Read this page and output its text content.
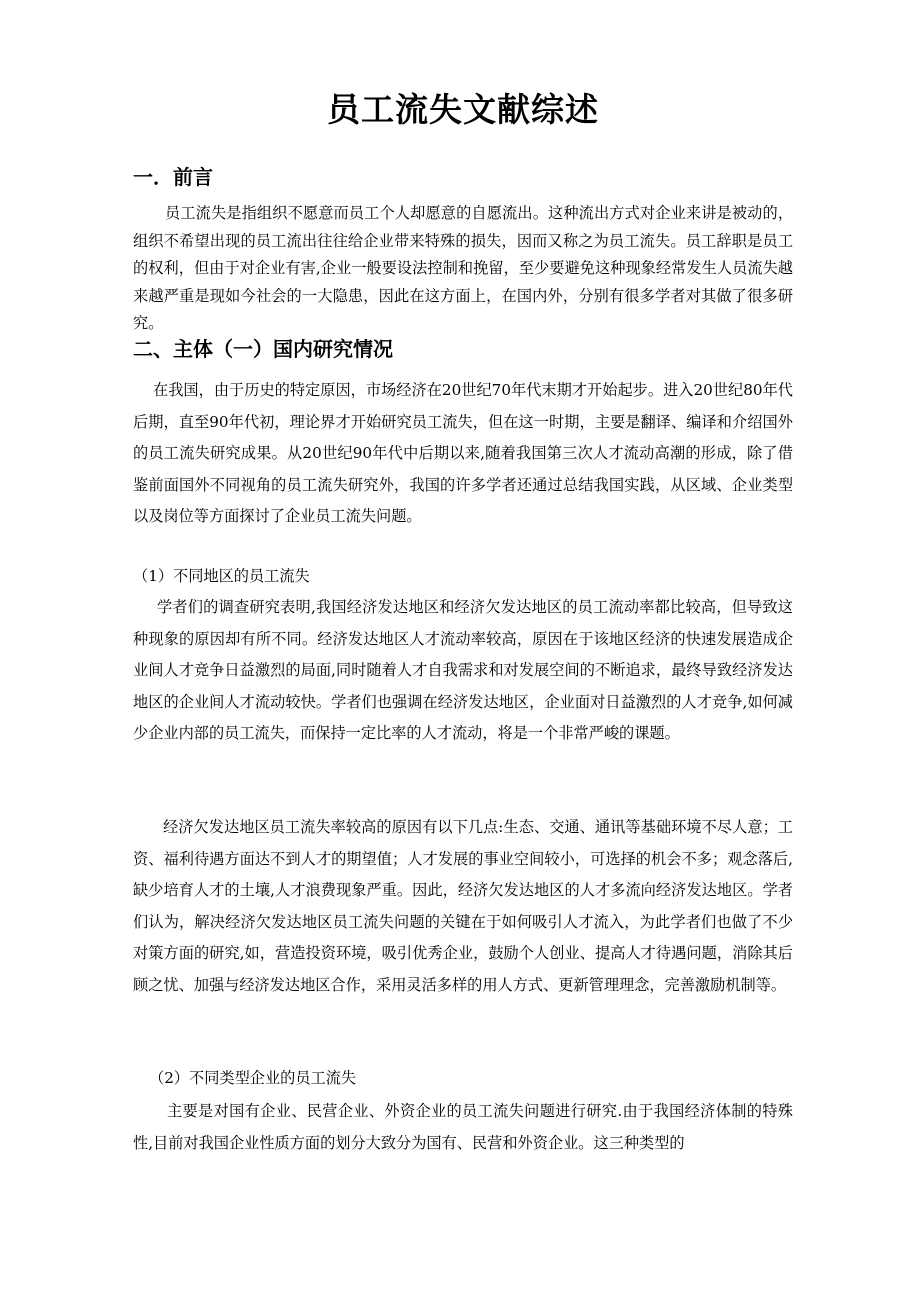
员工流失文献综述
一．前言

员工流失是指组织不愿意而员工个人却愿意的自愿流出。这种流出方式对企业来讲是被动的，组织不希望出现的员工流出往往给企业带来特殊的损失，因而又称之为员工流失。员工辞职是员工的权利，但由于对企业有害,企业一般要设法控制和挽留，至少要避免这种现象经常发生人员流失越来越严重是现如今社会的一大隐患，因此在这方面上，在国内外，分别有很多学者对其做了很多研究。

二、主体（一）国内研究情况

在我国，由于历史的特定原因，市场经济在20世纪70年代末期才开始起步。进入20世纪80年代后期，直至90年代初，理论界才开始研究员工流失，但在这一时期，主要是翻译、编译和介绍国外的员工流失研究成果。从20世纪90年代中后期以来,随着我国第三次人才流动高潮的形成，除了借鉴前面国外不同视角的员工流失研究外，我国的许多学者还通过总结我国实践，从区域、企业类型以及岗位等方面探讨了企业员工流失问题。

（1）不同地区的员工流失

学者们的调查研究表明,我国经济发达地区和经济欠发达地区的员工流动率都比较高，但导致这种现象的原因却有所不同。经济发达地区人才流动率较高，原因在于该地区经济的快速发展造成企业间人才竞争日益激烈的局面,同时随着人才自我需求和对发展空间的不断追求，最终导致经济发达地区的企业间人才流动较快。学者们也强调在经济发达地区，企业面对日益激烈的人才竞争,如何减少企业内部的员工流失，而保持一定比率的人才流动，将是一个非常严峻的课题。

经济欠发达地区员工流失率较高的原因有以下几点:生态、交通、通讯等基础环境不尽人意；工资、福利待遇方面达不到人才的期望值；人才发展的事业空间较小，可选择的机会不多；观念落后,缺少培育人才的土壤,人才浪费现象严重。因此，经济欠发达地区的人才多流向经济发达地区。学者们认为，解决经济欠发达地区员工流失问题的关键在于如何吸引人才流入，为此学者们也做了不少对策方面的研究,如，营造投资环境，吸引优秀企业，鼓励个人创业、提高人才待遇问题，消除其后顾之忧、加强与经济发达地区合作，采用灵活多样的用人方式、更新管理理念，完善激励机制等。

（2）不同类型企业的员工流失

主要是对国有企业、民营企业、外资企业的员工流失问题进行研究.由于我国经济体制的特殊性,目前对我国企业性质方面的划分大致分为国有、民营和外资企业。这三种类型的
